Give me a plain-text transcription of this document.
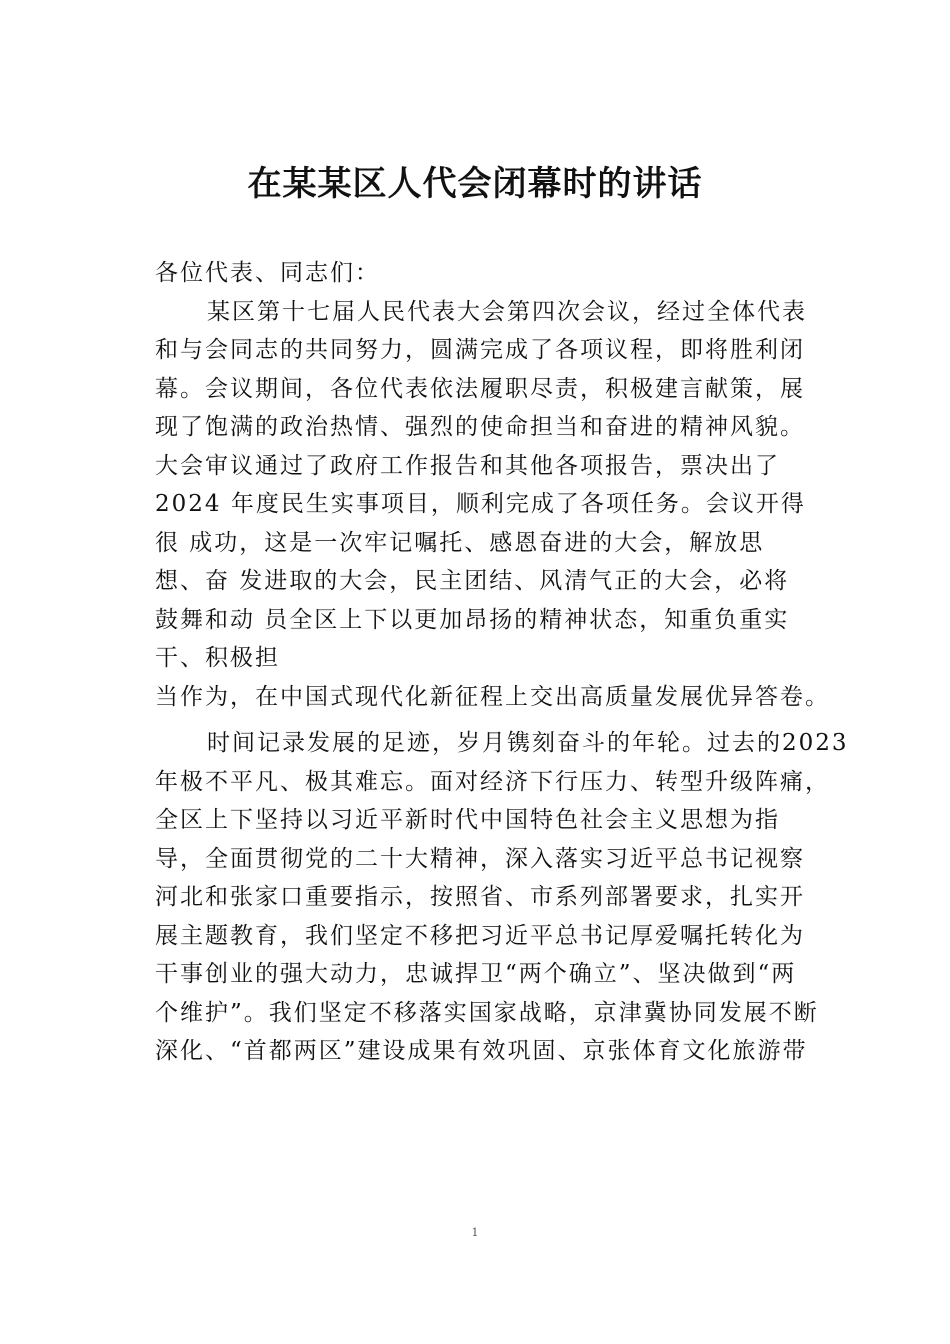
在某某区人代会闭幕时的讲话
各位代表、同志们：
某区第十七届人民代表大会第四次会议，经过全体代表
和与会同志的共同努力，圆满完成了各项议程，即将胜利闭
幕。会议期间，各位代表依法履职尽责，积极建言献策，展
现了饱满的政治热情、强烈的使命担当和奋进的精神风貌。
大会审议通过了政府工作报告和其他各项报告，票决出了
2024 年度民生实事项目，顺利完成了各项任务。会议开得
很 成功，这是一次牢记嘱托、感恩奋进的大会，解放思
想、奋 发进取的大会，民主团结、风清气正的大会，必将
鼓舞和动 员全区上下以更加昂扬的精神状态，知重负重实
干、积极担
当作为，在中国式现代化新征程上交出高质量发展优异答卷。
时间记录发展的足迹，岁月镌刻奋斗的年轮。过去的2023
年极不平凡、极其难忘。面对经济下行压力、转型升级阵痛，
全区上下坚持以习近平新时代中国特色社会主义思想为指
导，全面贯彻党的二十大精神，深入落实习近平总书记视察
河北和张家口重要指示，按照省、市系列部署要求，扎实开
展主题教育，我们坚定不移把习近平总书记厚爱嘱托转化为
干事创业的强大动力，忠诚捍卫“两个确立”、坚决做到“两
个维护”。我们坚定不移落实国家战略，京津冀协同发展不断
深化、“首都两区”建设成果有效巩固、京张体育文化旅游带
1
